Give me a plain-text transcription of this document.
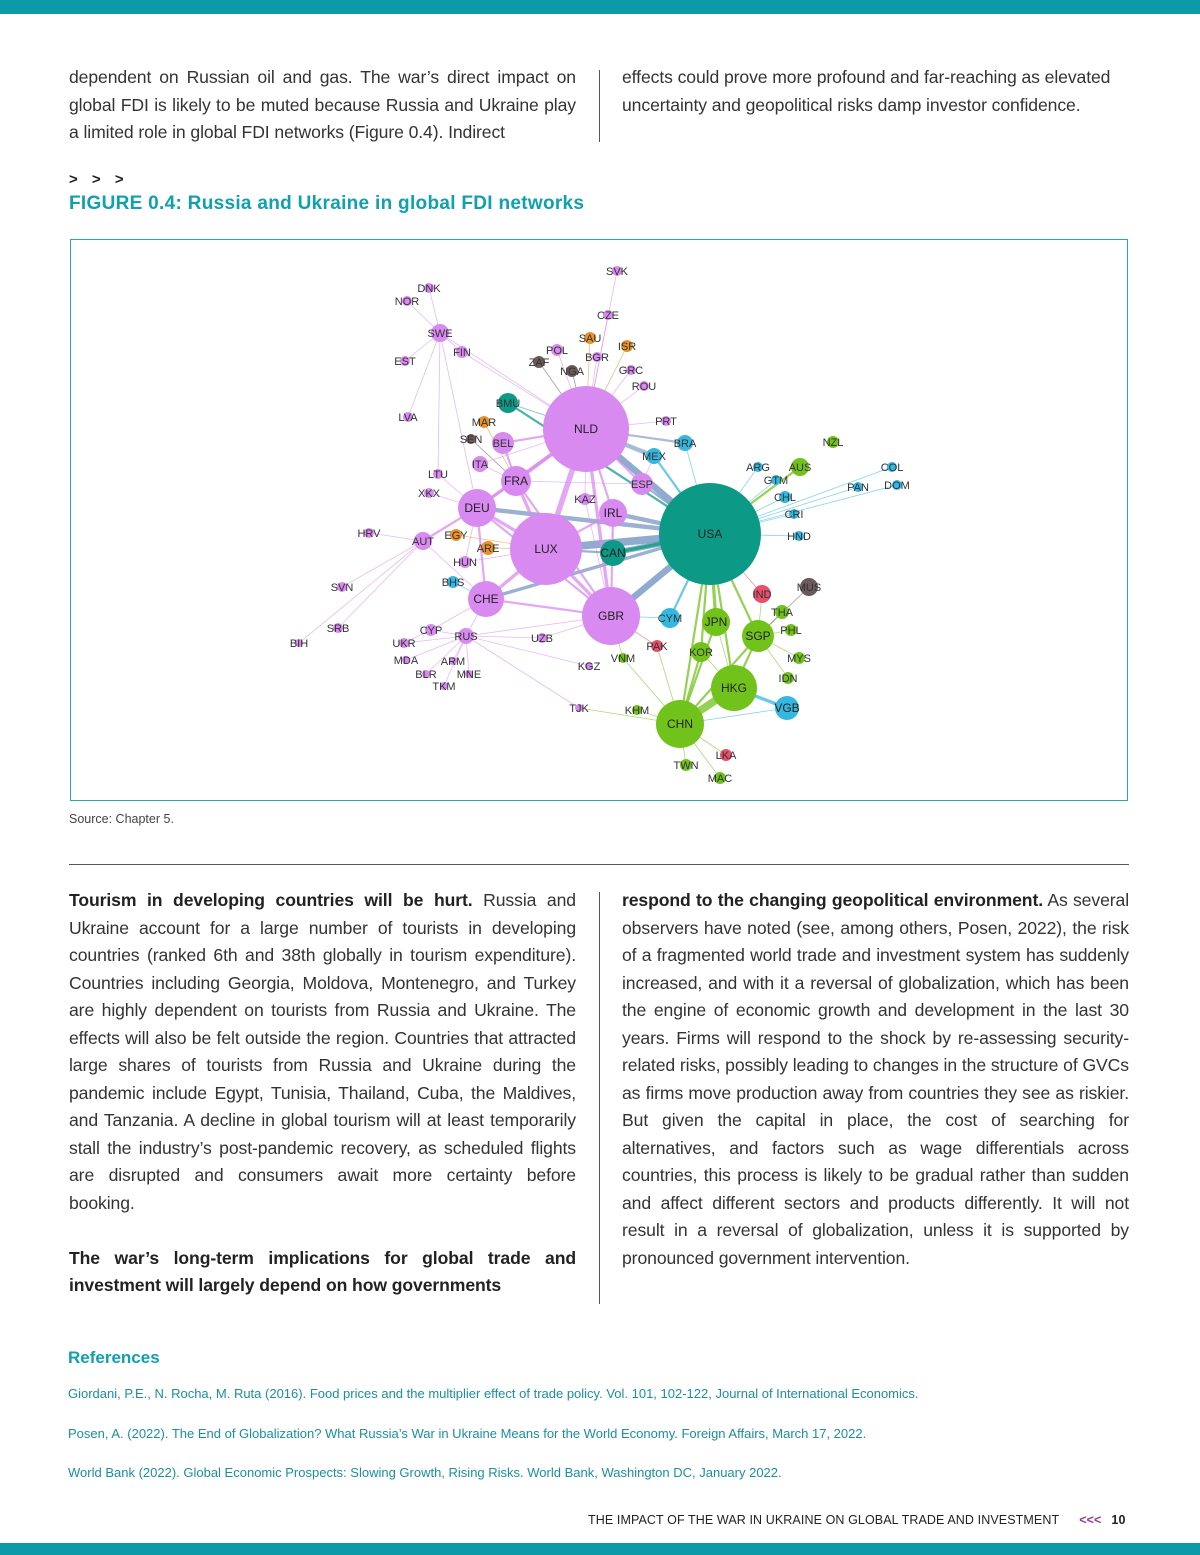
dependent on Russian oil and gas. The war’s direct impact on global FDI is likely to be muted because Russia and Ukraine play a limited role in global FDI networks (Figure 0.4). Indirect

effects could prove more profound and far-reaching as elevated uncertainty and geopolitical risks damp investor confidence.

> > >
FIGURE 0.4: Russia and Ukraine in global FDI networks
USA
NLD
LUX
GBR
CHN
HKG
DEU
CHE
FRA
IRL
SGP
JPN
CAN
ESP
BEL
KOR
BMU
SWE
CYM
VGB
BRA
MEX
AUT
AUS
ITA
RUS
IND
MUS
THA
PHL
MYS
IDN
ARE
EGY
HUN
BHS
CYP
UKR
POL
ZAF
NGA
SAU
ISR
BGR
GRC
ROU
CZE
SVK
DNK
NOR
FIN
EST
LVA	MAR
SEN
LTU
XKX
HRV
SVN
SRB
BIH
MDA ARM
BLR MNE
TKM
UZB
KGZ
KAZ
TJK	KHM
VNM
PAK
TWN
LKA
MAC
PRT
NZL
ARG
GTM
CHL
CRI
HND
PAN
COL
DOM
Source: Chapter 5.

Tourism in developing countries will be hurt. Russia and Ukraine account for a large number of tourists in developing countries (ranked 6th and 38th globally in tourism expenditure). Countries including Georgia, Moldova, Montenegro, and Turkey are highly dependent on tourists from Russia and Ukraine. The effects will also be felt outside the region. Countries that attracted large shares of tourists from Russia and Ukraine during the pandemic include Egypt, Tunisia, Thailand, Cuba, the Maldives, and Tanzania. A decline in global tourism will at least temporarily stall the industry’s post-pandemic recovery, as scheduled flights are disrupted and consumers await more certainty before booking.

The war’s long-term implications for global trade and investment will largely depend on how governments

respond to the changing geopolitical environment. As several observers have noted (see, among others, Posen, 2022), the risk of a fragmented world trade and investment system has suddenly increased, and with it a reversal of globalization, which has been the engine of economic growth and development in the last 30 years. Firms will respond to the shock by re-assessing security-related risks, possibly leading to changes in the structure of GVCs as firms move production away from countries they see as riskier. But given the capital in place, the cost of searching for alternatives, and factors such as wage differentials across countries, this process is likely to be gradual rather than sudden and affect different sectors and products differently. It will not result in a reversal of globalization, unless it is supported by pronounced government intervention.

References
Giordani, P.E., N. Rocha, M. Ruta (2016). Food prices and the multiplier effect of trade policy. Vol. 101, 102-122, Journal of International Economics.
Posen, A. (2022). The End of Globalization? What Russia’s War in Ukraine Means for the World Economy. Foreign Affairs, March 17, 2022.
World Bank (2022). Global Economic Prospects: Slowing Growth, Rising Risks. World Bank, Washington DC, January 2022.
THE IMPACT OF THE WAR IN UKRAINE ON GLOBAL TRADE AND INVESTMENT <<< 10
